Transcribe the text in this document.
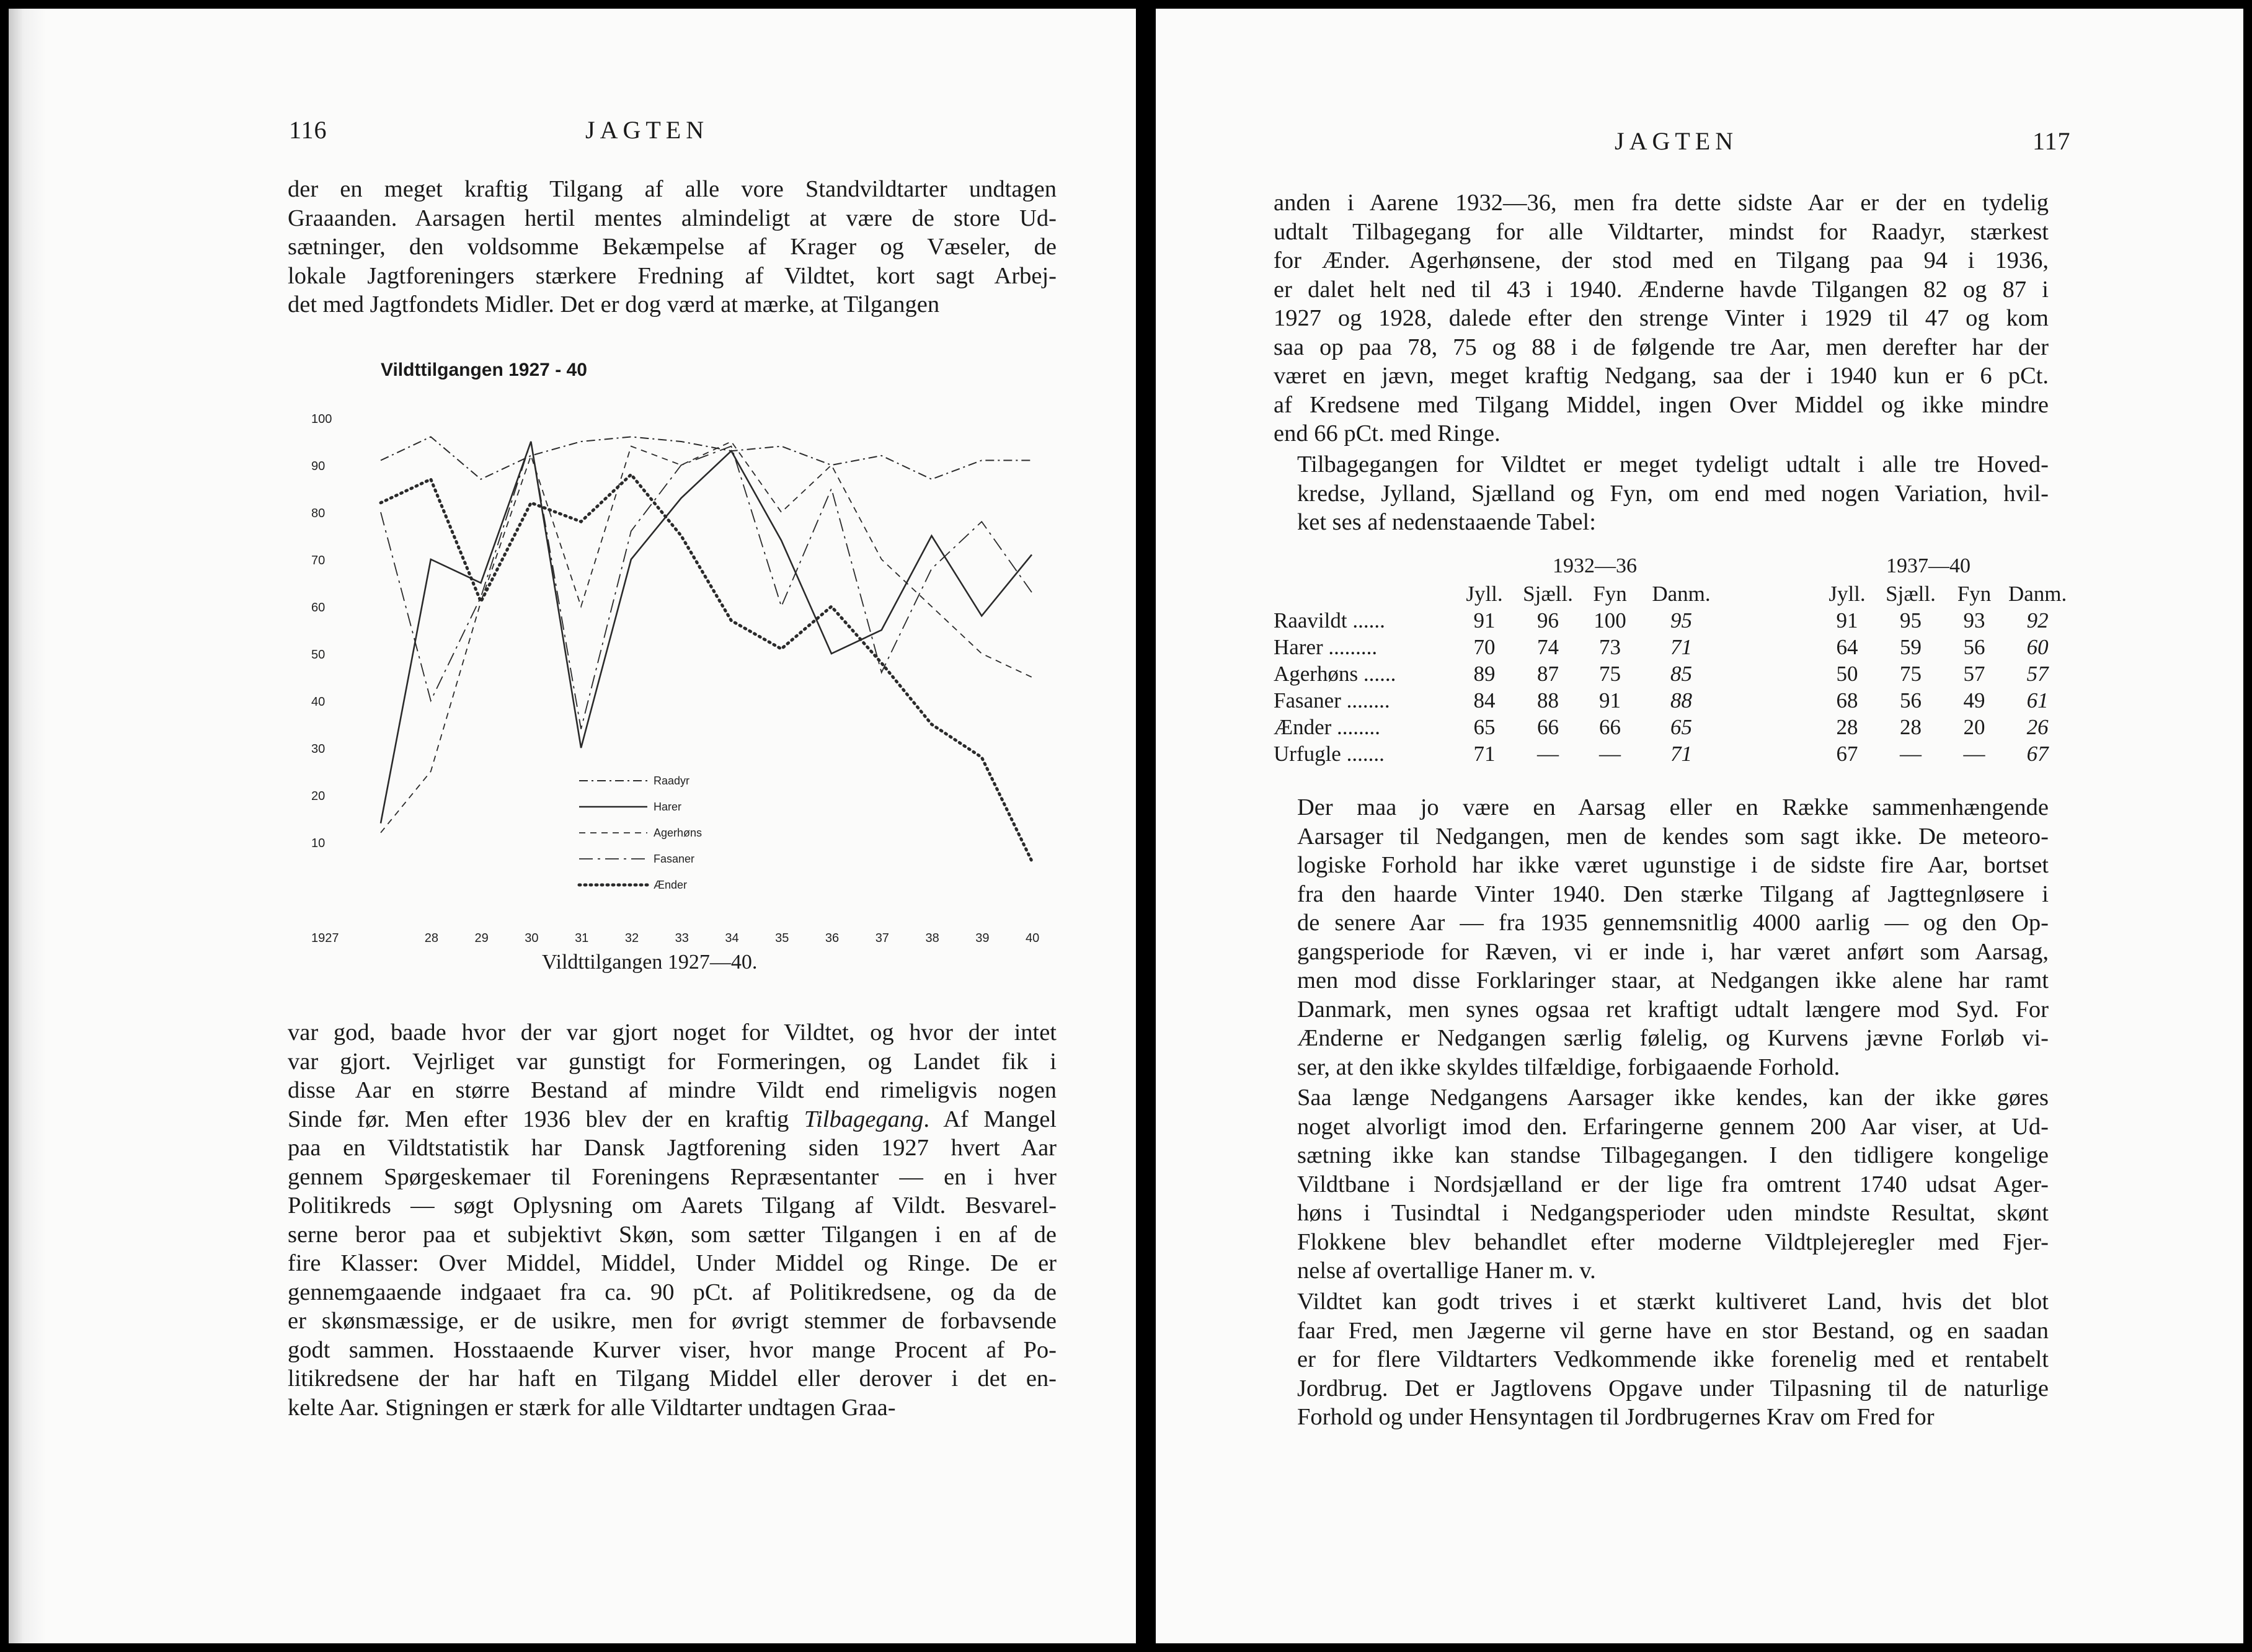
116	JAGTEN
der en meget kraftig Tilgang af alle vore Standvildtarter undtagen
Graaanden. Aarsagen hertil mentes almindeligt at være de store Ud-
sætninger, den voldsomme Bekæmpelse af Krager og Væseler, de
lokale Jagtforeningers stærkere Fredning af Vildtet, kort sagt Arbej-
det med Jagtfondets Midler. Det er dog værd at mærke, at Tilgangen
100
90
80
70
60
50
40
30
20
10
1927	28	29	30	31	32	33	34	35	36	37	38	39	40
Raadyr
Harer
Agerhøns
Fasaner
Ænder
Vildttilgangen 1927 - 40
Vildttilgangen 1927—40.
var god, baade hvor der var gjort noget for Vildtet, og hvor der intet
var gjort. Vejrliget var gunstigt for Formeringen, og Landet fik i
disse Aar en større Bestand af mindre Vildt end rimeligvis nogen
Sinde før. Men efter 1936 blev der en kraftig Tilbagegang. Af Mangel
paa en Vildtstatistik har Dansk Jagtforening siden 1927 hvert Aar
gennem Spørgeskemaer til Foreningens Repræsentanter — en i hver
Politikreds — søgt Oplysning om Aarets Tilgang af Vildt. Besvarel-
serne beror paa et subjektivt Skøn, som sætter Tilgangen i en af de
fire Klasser: Over Middel, Middel, Under Middel og Ringe. De er
gennemgaaende indgaaet fra ca. 90 pCt. af Politikredsene, og da de
er skønsmæssige, er de usikre, men for øvrigt stemmer de forbavsende
godt sammen. Hosstaaende Kurver viser, hvor mange Procent af Po-
litikredsene der har haft en Tilgang Middel eller derover i det en-
kelte Aar. Stigningen er stærk for alle Vildtarter undtagen Graa-
JAGTEN	117
anden i Aarene 1932—36, men fra dette sidste Aar er der en tydelig
udtalt Tilbagegang for alle Vildtarter, mindst for Raadyr, stærkest
for Ænder. Agerhønsene, der stod med en Tilgang paa 94 i 1936,
er dalet helt ned til 43 i 1940. Ænderne havde Tilgangen 82 og 87 i
1927 og 1928, dalede efter den strenge Vinter i 1929 til 47 og kom
saa op paa 78, 75 og 88 i de følgende tre Aar, men derefter har der
været en jævn, meget kraftig Nedgang, saa der i 1940 kun er 6 pCt.
af Kredsene med Tilgang Middel, ingen Over Middel og ikke mindre
end 66 pCt. med Ringe.
Tilbagegangen for Vildtet er meget tydeligt udtalt i alle tre Hoved-
kredse, Jylland, Sjælland og Fyn, om end med nogen Variation, hvil-
ket ses af nedenstaaende Tabel:
1932—36	1937—40
	Jyll.	Sjæll.	Fyn	Danm.		Jyll.	Sjæll.	Fyn	Danm.
Raavildt ......	91	96	100	95		91	95	93	92
Harer .........	70	74	73	71		64	59	56	60
Agerhøns ......	89	87	75	85		50	75	57	57
Fasaner ........	84	88	91	88		68	56	49	61
Ænder ........	65	66	66	65		28	28	20	26
Urfugle .......	71	—	—	71		67	—	—	67
Der maa jo være en Aarsag eller en Række sammenhængende
Aarsager til Nedgangen, men de kendes som sagt ikke. De meteoro-
logiske Forhold har ikke været ugunstige i de sidste fire Aar, bortset
fra den haarde Vinter 1940. Den stærke Tilgang af Jagttegnløsere i
de senere Aar — fra 1935 gennemsnitlig 4000 aarlig — og den Op-
gangsperiode for Ræven, vi er inde i, har været anført som Aarsag,
men mod disse Forklaringer staar, at Nedgangen ikke alene har ramt
Danmark, men synes ogsaa ret kraftigt udtalt længere mod Syd. For
Ænderne er Nedgangen særlig følelig, og Kurvens jævne Forløb vi-
ser, at den ikke skyldes tilfældige, forbigaaende Forhold.
Saa længe Nedgangens Aarsager ikke kendes, kan der ikke gøres
noget alvorligt imod den. Erfaringerne gennem 200 Aar viser, at Ud-
sætning ikke kan standse Tilbagegangen. I den tidligere kongelige
Vildtbane i Nordsjælland er der lige fra omtrent 1740 udsat Ager-
høns i Tusindtal i Nedgangsperioder uden mindste Resultat, skønt
Flokkene blev behandlet efter moderne Vildtplejeregler med Fjer-
nelse af overtallige Haner m. v.
Vildtet kan godt trives i et stærkt kultiveret Land, hvis det blot
faar Fred, men Jægerne vil gerne have en stor Bestand, og en saadan
er for flere Vildtarters Vedkommende ikke forenelig med et rentabelt
Jordbrug. Det er Jagtlovens Opgave under Tilpasning til de naturlige
Forhold og under Hensyntagen til Jordbrugernes Krav om Fred for
